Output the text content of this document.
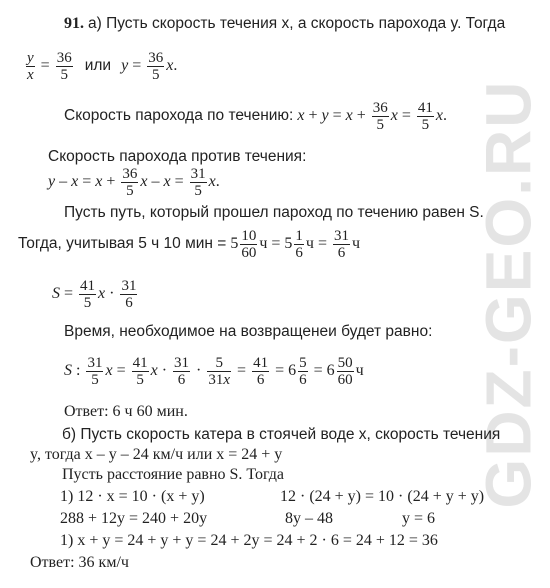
GDZ-GEO.RU
91. а) Пусть скорость течения x, а скорость парохода y. Тогда
$\frac{y}{x} = \frac{36}{5}$ или $y = \frac{36}{5} x$.
Скорость парохода по течению: $x + y = x + \frac{36}{5}$ $x = \frac{41}{5} x$.
Скорость парохода против течения:
$y - x = x + \frac{36}{5}$ $x - x = \frac{31}{5} x$.
Пусть путь, который прошел пароход по течению равен S.
Тогда, учитывая 5 ч 10 мин = $5 \frac{10}{60}$ $ч = 5 \frac{1}{6}$ $ч = \frac{31}{6}$ ч
$S = \frac{41}{5}$ $x \cdot \frac{31}{6}$
Время, необходимое на возвращенеи будет равно:
S : $\frac{31}{5}$ $x = \frac{41}{5}$ $x \cdot \frac{31}{6} \cdot \frac{5}{31x} = \frac{41}{6} = 6 \frac{5}{6} = 6 \frac{50}{60}$ ч
Ответ: 6 ч 60 мин.
б) Пусть скорость катера в стоячей воде x, скорость течения
y, тогда x – y – 24 км/ч или x = 24 + y
Пусть расстояние равно S. Тогда
1) 12 · x = 10 · (x + y)	12 · (24 + y) = 10 · (24 + y + y)
288 + 12y = 240 + 20y	8y – 48	y = 6
1) x + y = 24 + y + y = 24 + 2y = 24 + 2 · 6 = 24 + 12 = 36
Ответ: 36 км/ч
